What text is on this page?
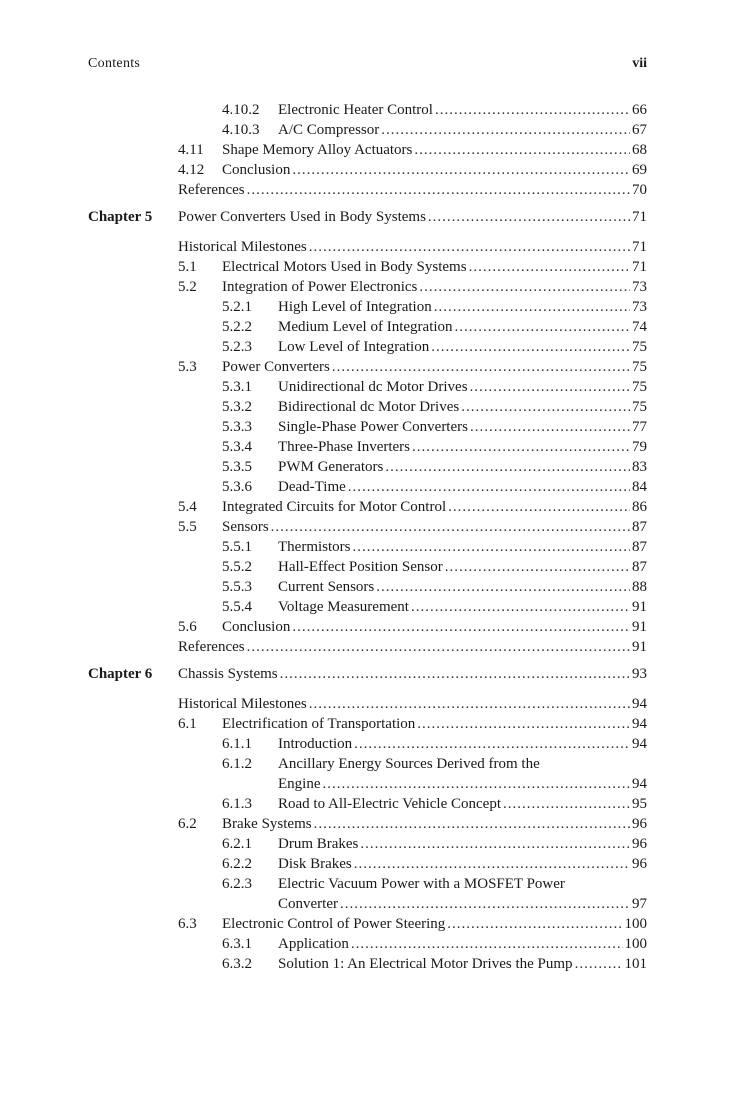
Contents	vii
4.10.2 Electronic Heater Control .....	66
4.10.3 A/C Compressor .....	67
4.11 Shape Memory Alloy Actuators .....	68
4.12 Conclusion .....	69
References .....	70
Chapter 5 Power Converters Used in Body Systems .....	71
Historical Milestones .....	71
5.1 Electrical Motors Used in Body Systems .....	71
5.2 Integration of Power Electronics .....	73
5.2.1 High Level of Integration .....	73
5.2.2 Medium Level of Integration .....	74
5.2.3 Low Level of Integration .....	75
5.3 Power Converters .....	75
5.3.1 Unidirectional dc Motor Drives .....	75
5.3.2 Bidirectional dc Motor Drives .....	75
5.3.3 Single-Phase Power Converters .....	77
5.3.4 Three-Phase Inverters .....	79
5.3.5 PWM Generators .....	83
5.3.6 Dead-Time .....	84
5.4 Integrated Circuits for Motor Control .....	86
5.5 Sensors .....	87
5.5.1 Thermistors .....	87
5.5.2 Hall-Effect Position Sensor .....	87
5.5.3 Current Sensors .....	88
5.5.4 Voltage Measurement .....	91
5.6 Conclusion .....	91
References .....	91
Chapter 6 Chassis Systems .....	93
Historical Milestones .....	94
6.1 Electrification of Transportation .....	94
6.1.1 Introduction .....	94
6.1.2 Ancillary Energy Sources Derived from the
Engine .....	94
6.1.3 Road to All-Electric Vehicle Concept .....	95
6.2 Brake Systems .....	96
6.2.1 Drum Brakes .....	96
6.2.2 Disk Brakes .....	96
6.2.3 Electric Vacuum Power with a MOSFET Power
Converter .....	97
6.3 Electronic Control of Power Steering .....	100
6.3.1 Application .....	100
6.3.2 Solution 1: An Electrical Motor Drives the Pump .....	101
